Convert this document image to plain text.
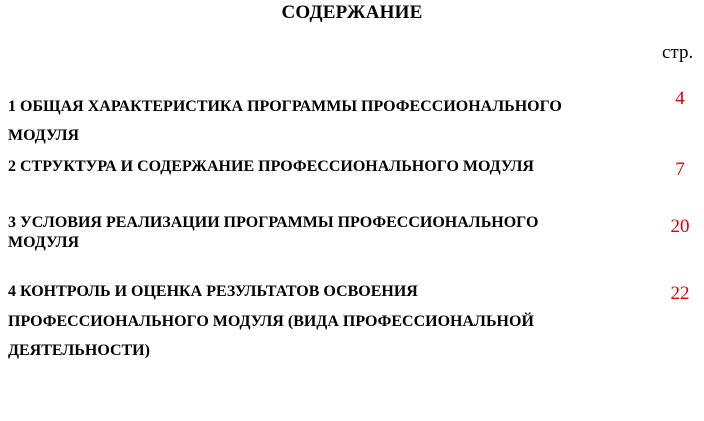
СОДЕРЖАНИЕ
стр.
1 ОБЩАЯ ХАРАКТЕРИСТИКА ПРОГРАММЫ ПРОФЕССИОНАЛЬНОГО
МОДУЛЯ
4
2 СТРУКТУРА И СОДЕРЖАНИЕ ПРОФЕССИОНАЛЬНОГО МОДУЛЯ	7
3 УСЛОВИЯ РЕАЛИЗАЦИИ ПРОГРАММЫ ПРОФЕССИОНАЛЬНОГО
МОДУЛЯ
20
4 КОНТРОЛЬ И ОЦЕНКА РЕЗУЛЬТАТОВ ОСВОЕНИЯ
ПРОФЕССИОНАЛЬНОГО МОДУЛЯ (ВИДА ПРОФЕССИОНАЛЬНОЙ
ДЕЯТЕЛЬНОСТИ)
22
